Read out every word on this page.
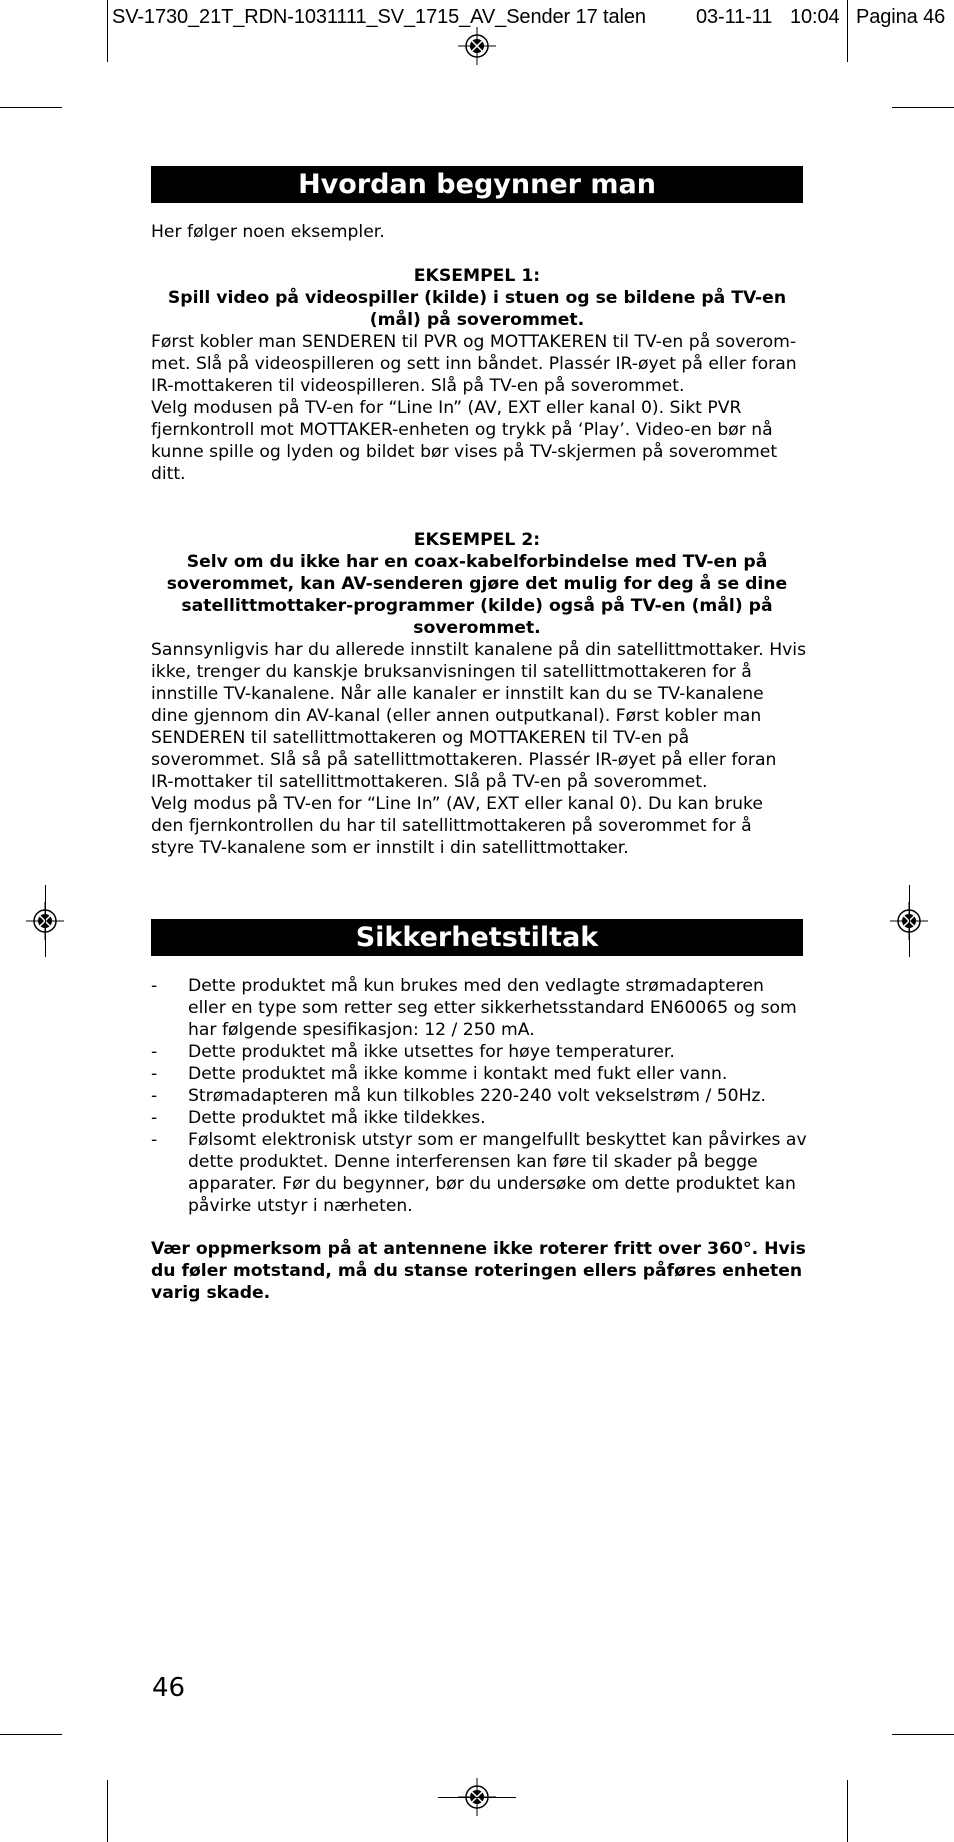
SV-1730_21T_RDN-1031111_SV_1715_AV_Sender 17 talen	03-11-11 10:04 Pagina 46
Hvordan begynner man
Her følger noen eksempler.
EKSEMPEL 1:
Spill video på videospiller (kilde) i stuen og se bildene på TV-en
(mål) på soverommet.
Først kobler man SENDEREN til PVR og MOTTAKEREN til TV-en på soverom-
met. Slå på videospilleren og sett inn båndet. Plassér IR-øyet på eller foran
IR-mottakeren til videospilleren. Slå på TV-en på soverommet.
Velg modusen på TV-en for “Line In” (AV, EXT eller kanal 0). Sikt PVR
fjernkontroll mot MOTTAKER-enheten og trykk på ‘Play’. Video-en bør nå
kunne spille og lyden og bildet bør vises på TV-skjermen på soverommet
ditt.
EKSEMPEL 2:
Selv om du ikke har en coax-kabelforbindelse med TV-en på
soverommet, kan AV-senderen gjøre det mulig for deg å se dine
satellittmottaker-programmer (kilde) også på TV-en (mål) på
soverommet.
Sannsynligvis har du allerede innstilt kanalene på din satellittmottaker. Hvis
ikke, trenger du kanskje bruksanvisningen til satellittmottakeren for å
innstille TV-kanalene. Når alle kanaler er innstilt kan du se TV-kanalene
dine gjennom din AV-kanal (eller annen outputkanal). Først kobler man
SENDEREN til satellittmottakeren og MOTTAKEREN til TV-en på
soverommet. Slå så på satellittmottakeren. Plassér IR-øyet på eller foran
IR-mottaker til satellittmottakeren. Slå på TV-en på soverommet.
Velg modus på TV-en for “Line In” (AV, EXT eller kanal 0). Du kan bruke
den fjernkontrollen du har til satellittmottakeren på soverommet for å
styre TV-kanalene som er innstilt i din satellittmottaker.
Sikkerhetstiltak
- Dette produktet må kun brukes med den vedlagte strømadapteren
eller en type som retter seg etter sikkerhetsstandard EN60065 og som
har følgende spesifikasjon: 12 / 250 mA.
- Dette produktet må ikke utsettes for høye temperaturer.
- Dette produktet må ikke komme i kontakt med fukt eller vann.
- Strømadapteren må kun tilkobles 220-240 volt vekselstrøm / 50Hz.
- Dette produktet må ikke tildekkes.
- Følsomt elektronisk utstyr som er mangelfullt beskyttet kan påvirkes av
dette produktet. Denne interferensen kan føre til skader på begge
apparater. Før du begynner, bør du undersøke om dette produktet kan
påvirke utstyr i nærheten.
Vær oppmerksom på at antennene ikke roterer fritt over 360°. Hvis
du føler motstand, må du stanse roteringen ellers påføres enheten
varig skade.
46
